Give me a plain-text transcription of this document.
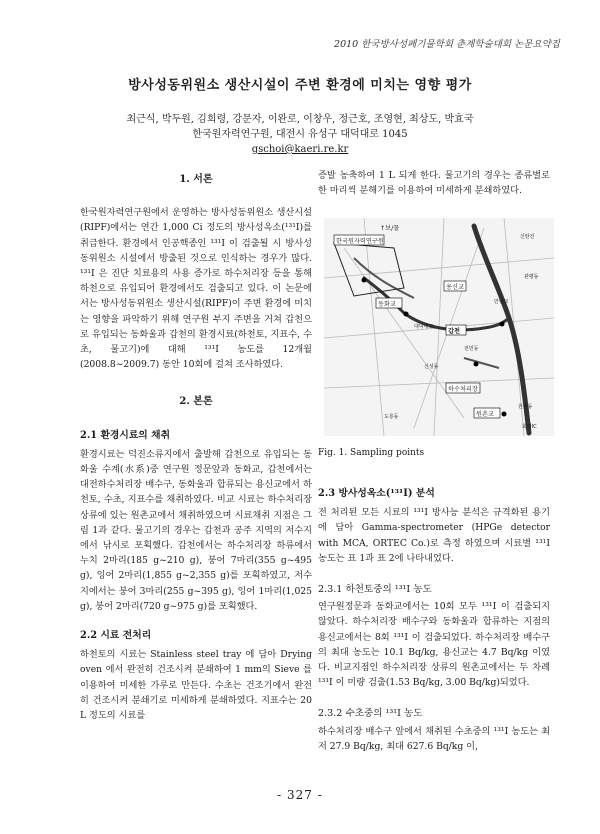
2010 한국방사성폐기물학회 춘계학술대회 논문요약집
방사성동위원소 생산시설이 주변 환경에 미치는 영향 평가
최근식, 박두원, 김희령, 강문자, 이완로, 이창우, 정근호, 조영현, 최상도, 박효국
한국원자력연구원, 대전시 유성구 대덕대로 1045
gschoi@kaeri.re.kr
1. 서론

한국원자력연구원에서 운영하는 방사성동위원소 생산시설(RIPF)에서는 연간 1,000 Ci 정도의 방사성옥소(¹³¹I)를 취급한다. 환경에서 인공핵종인 ¹³¹I 이 검출될 시 방사성동위원소 시설에서 방출된 것으로 인식하는 경우가 많다. ¹³¹I 은 진단 치료용의 사용 증가로 하수처리장 등을 통해 하천으로 유입되어 환경에서도 검출되고 있다. 이 논문에서는 방사성동위원소 생산시설(RIPF)이 주변 환경에 미치는 영향을 파악하기 위해 연구원 부지 주변을 거쳐 갑천으로 유입되는 동화울과 갑천의 환경시료(하천토, 지표수, 수초, 물고기)에 대해 ¹³¹I 농도를 12개월(2008.8~2009.7) 동안 10회에 걸쳐 조사하였다.

2. 본론
2.1 환경시료의 채취

환경시료는 덕진소류지에서 출발해 갑천으로 유입되는 동화울 수계(水系)중 연구원 정문앞과 동화교, 갑천에서는 대전하수처리장 배수구, 동화울과 합류되는 용신교에서 하천토, 수초, 지표수를 채취하였다. 비교 시료는 하수처리장 상류에 있는 원촌교에서 채취하였으며 시료채취 지점은 그림 1과 같다. 물고기의 경우는 갑천과 공주 지역의 저수지에서 낚시로 포획했다. 갑천에서는 하수처리장 하류에서 누치 2마리(185 g~210 g), 붕어 7마리(355 g~495 g), 잉어 2마리(1,855 g~2,355 g)를 포획하였고, 저수지에서는 붕어 3마리(255 g~395 g), 잉어 1마리(1,025 g), 붕어 2마리(720 g~975 g)를 포획했다.

2.2 시료 전처리

하천토의 시료는 Stainless steel tray 에 담아 Drying oven 에서 완전히 건조시켜 분쇄하여 1 mm의 Sieve 를 이용하여 미세한 가루로 만든다. 수초는 건조기에서 완전히 건조시켜 분쇄기로 미세하게 분쇄하였다. 지표수는 20 L 정도의 시료를

증발 농축하여 1 L 되게 한다. 물고기의 경우는 종류별로 한 마리씩 분해기를 이용하여 미세하게 분쇄하였다.

↑보/물
한국원자력연구원
동화교
용신교
갑천
하수처리장
원촌교
원촌동
전민동
신성동
관평동
대덕대교
만년교
회덕IC
신탄진
도룡동
Fig. 1. Sampling points
2.3 방사성옥소(¹³¹I) 분석

전 처리된 모든 시료의 ¹³¹I 방사능 분석은 규격화된 용기에 담아 Gamma-spectrometer (HPGe detector with MCA, ORTEC Co.)로 측정 하였으며 시료별 ¹³¹I 농도는 표 1과 표 2에 나타내었다.

2.3.1 하천토중의 ¹³¹I 농도

연구원정문과 동화교에서는 10회 모두 ¹³¹I 이 검출되지 않았다. 하수처리장 배수구와 동화울과 합류하는 지점의 용신교에서는 8회 ¹³¹I 이 검출되었다. 하수처리장 배수구의 최대 농도는 10.1 Bq/kg, 용신교는 4.7 Bq/kg 이였다. 비교지점인 하수처리장 상류의 원촌교에서는 두 차례 ¹³¹I 이 미량 검출(1.53 Bq/kg, 3.00 Bq/kg)되었다.

2.3.2 수초중의 ¹³¹I 농도

하수처리장 배수구 앞에서 채취된 수초중의 ¹³¹I 농도는 최저 27.9 Bq/kg, 최대 627.6 Bq/kg 이,

- 327 -
